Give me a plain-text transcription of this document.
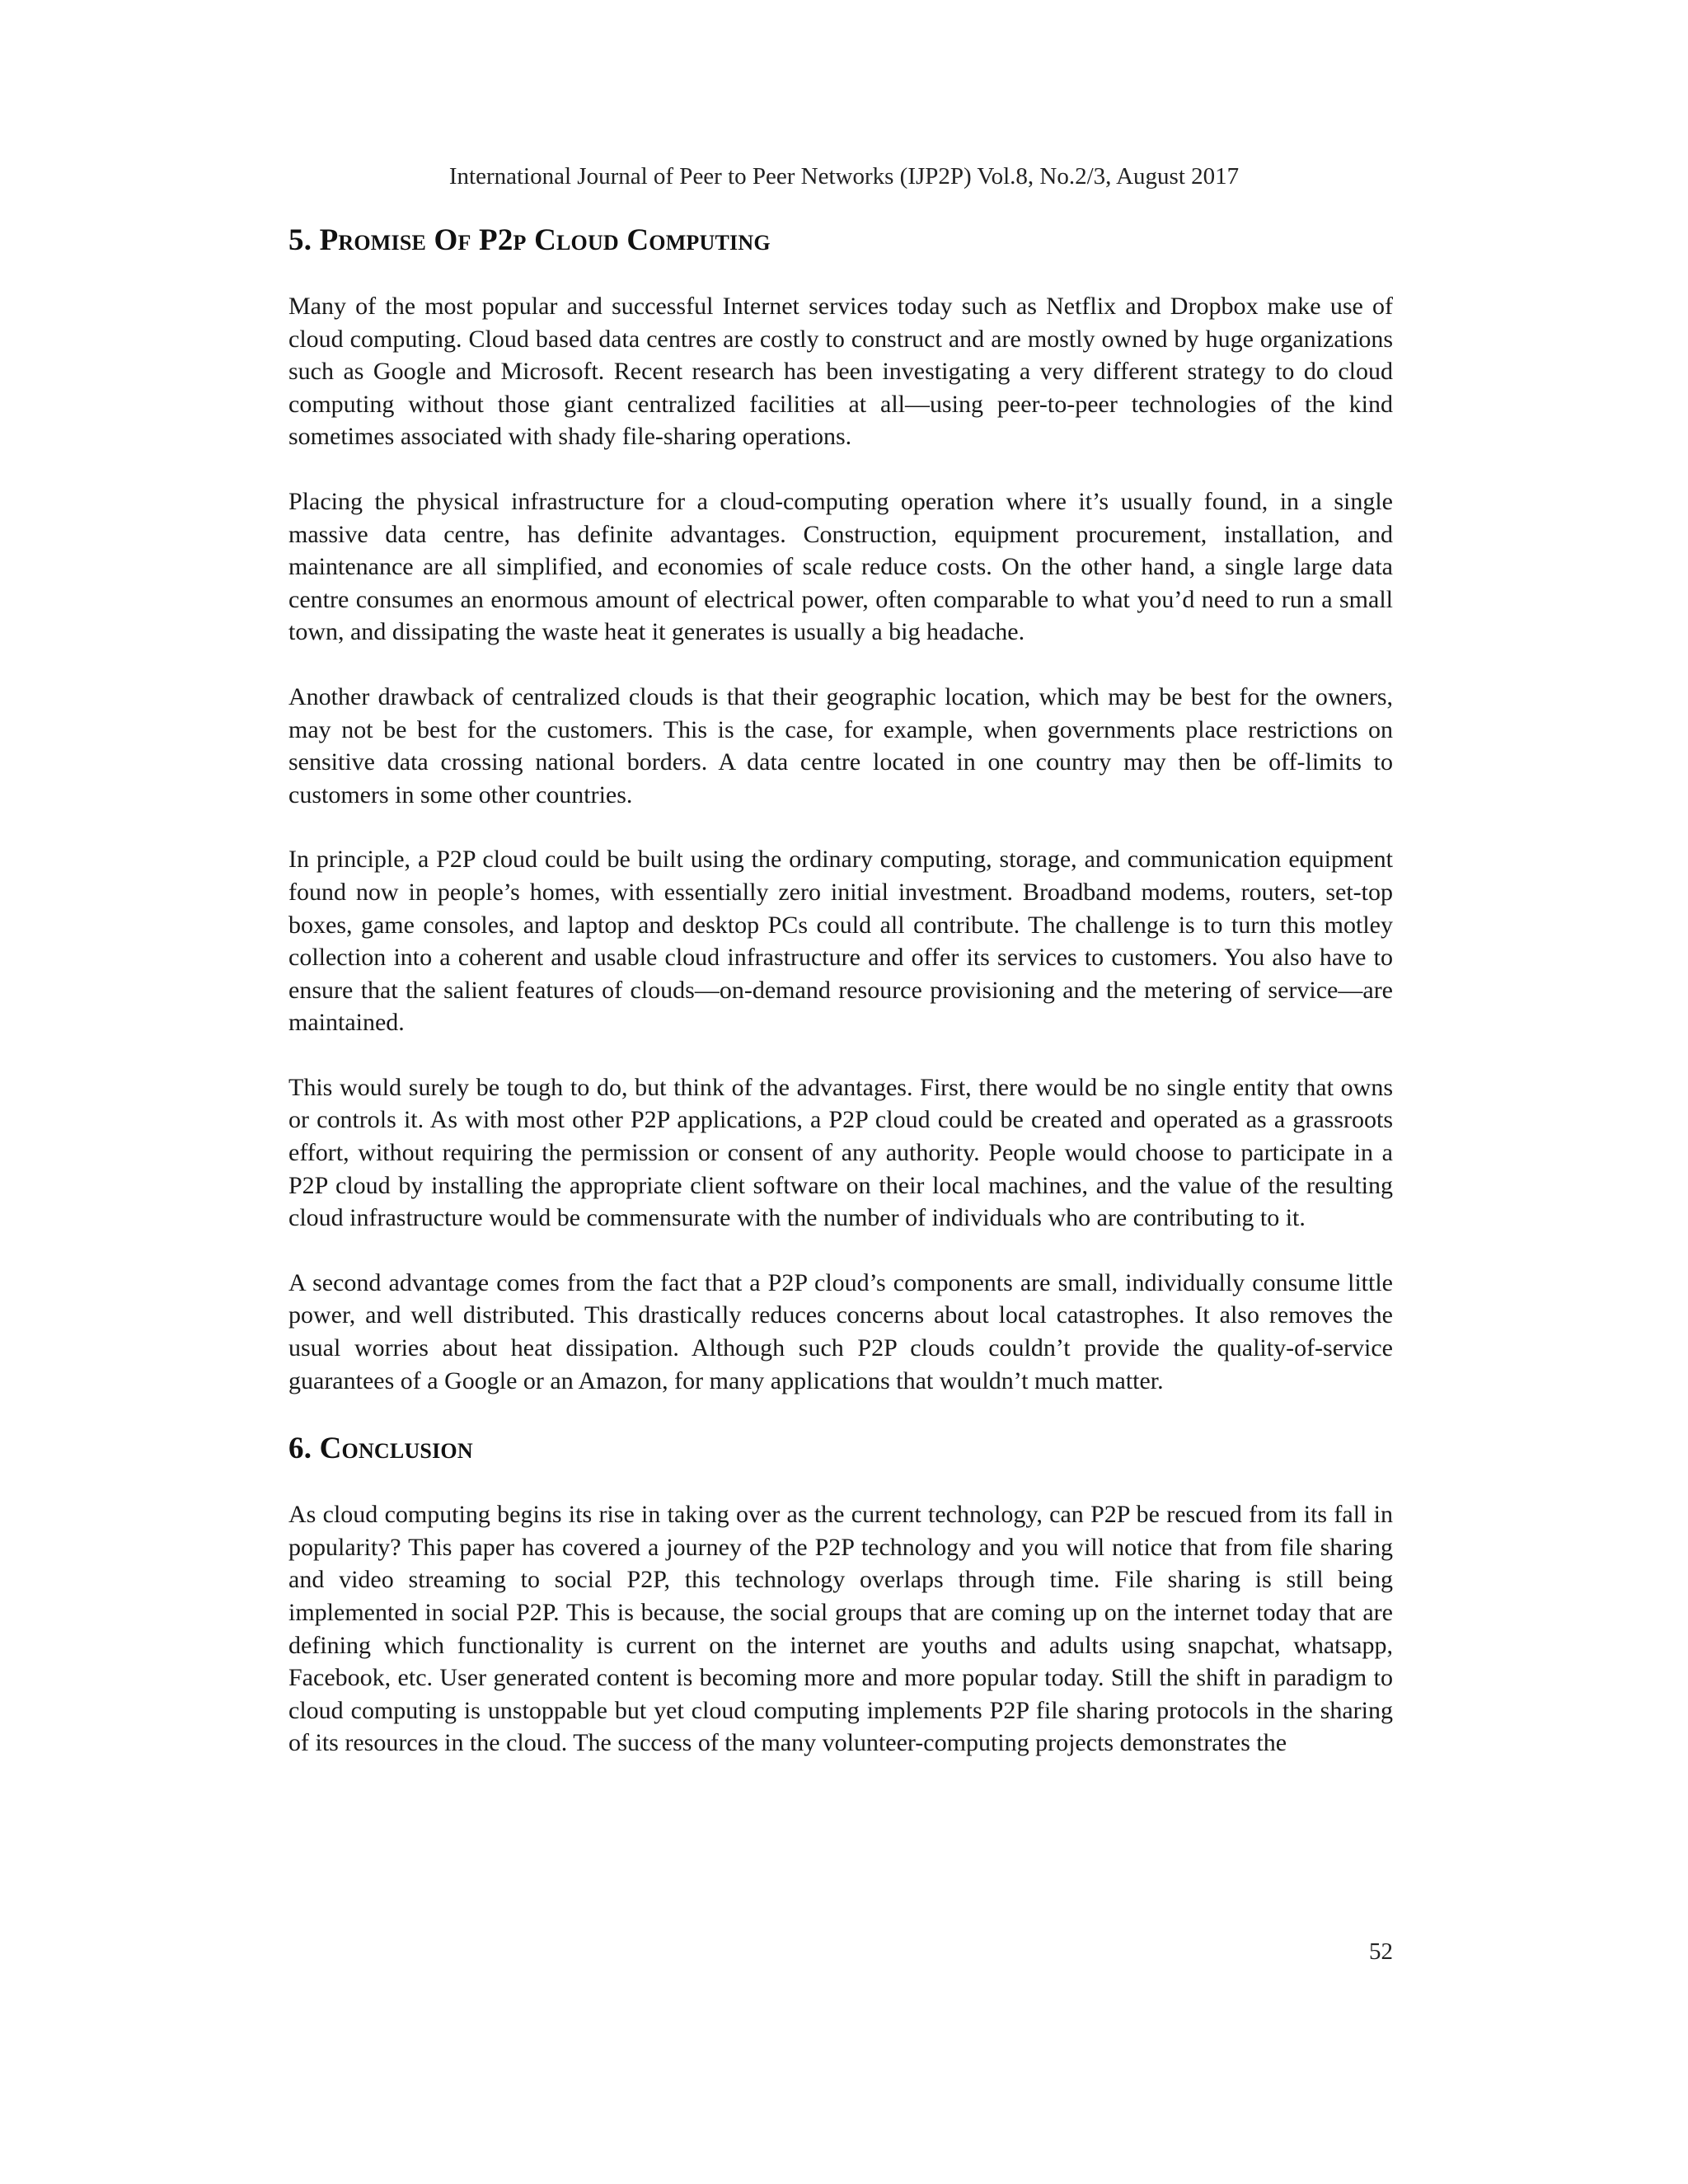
International Journal of Peer to Peer Networks (IJP2P) Vol.8, No.2/3, August 2017
5. Promise Of P2p Cloud Computing

Many of the most popular and successful Internet services today such as Netflix and Dropbox make use of cloud computing. Cloud based data centres are costly to construct and are mostly owned by huge organizations such as Google and Microsoft. Recent research has been investigating a very different strategy to do cloud computing without those giant centralized facilities at all—using peer-to-peer technologies of the kind sometimes associated with shady file-sharing operations.

Placing the physical infrastructure for a cloud-computing operation where it’s usually found, in a single massive data centre, has definite advantages. Construction, equipment procurement, installation, and maintenance are all simplified, and economies of scale reduce costs. On the other hand, a single large data centre consumes an enormous amount of electrical power, often comparable to what you’d need to run a small town, and dissipating the waste heat it generates is usually a big headache.

Another drawback of centralized clouds is that their geographic location, which may be best for the owners, may not be best for the customers. This is the case, for example, when governments place restrictions on sensitive data crossing national borders. A data centre located in one country may then be off-limits to customers in some other countries.

In principle, a P2P cloud could be built using the ordinary computing, storage, and communication equipment found now in people’s homes, with essentially zero initial investment. Broadband modems, routers, set-top boxes, game consoles, and laptop and desktop PCs could all contribute. The challenge is to turn this motley collection into a coherent and usable cloud infrastructure and offer its services to customers. You also have to ensure that the salient features of clouds—on-demand resource provisioning and the metering of service—are maintained.

This would surely be tough to do, but think of the advantages. First, there would be no single entity that owns or controls it. As with most other P2P applications, a P2P cloud could be created and operated as a grassroots effort, without requiring the permission or consent of any authority. People would choose to participate in a P2P cloud by installing the appropriate client software on their local machines, and the value of the resulting cloud infrastructure would be commensurate with the number of individuals who are contributing to it.

A second advantage comes from the fact that a P2P cloud’s components are small, individually consume little power, and well distributed. This drastically reduces concerns about local catastrophes. It also removes the usual worries about heat dissipation. Although such P2P clouds couldn’t provide the quality-of-service guarantees of a Google or an Amazon, for many applications that wouldn’t much matter.

6. Conclusion

As cloud computing begins its rise in taking over as the current technology, can P2P be rescued from its fall in popularity? This paper has covered a journey of the P2P technology and you will notice that from file sharing and video streaming to social P2P, this technology overlaps through time. File sharing is still being implemented in social P2P. This is because, the social groups that are coming up on the internet today that are defining which functionality is current on the internet are youths and adults using snapchat, whatsapp, Facebook, etc. User generated content is becoming more and more popular today. Still the shift in paradigm to cloud computing is unstoppable but yet cloud computing implements P2P file sharing protocols in the sharing of its resources in the cloud. The success of the many volunteer-computing projects demonstrates the

52
